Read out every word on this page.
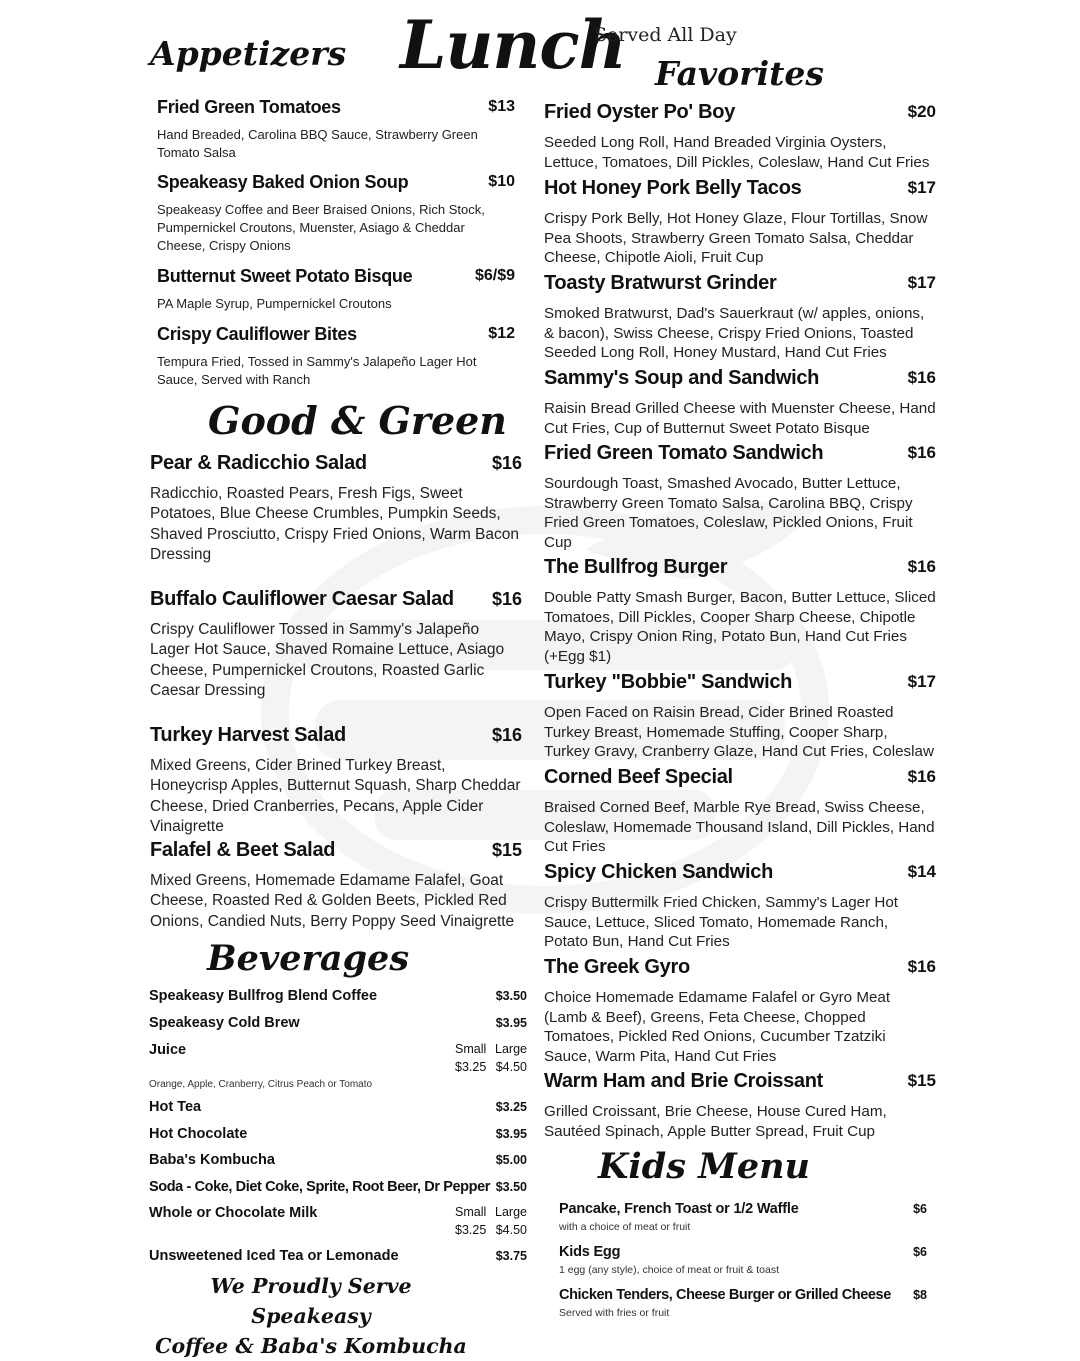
Lunch
Served All Day
Appetizers
Favorites
Good & Green
Beverages
Kids Menu
Fried Green Tomatoes	$13
Hand Breaded, Carolina BBQ Sauce, Strawberry Green Tomato Salsa
Speakeasy Baked Onion Soup	$10
Speakeasy Coffee and Beer Braised Onions, Rich Stock, Pumpernickel Croutons, Muenster, Asiago & Cheddar Cheese, Crispy Onions
Butternut Sweet Potato Bisque	$6/$9
PA Maple Syrup, Pumpernickel Croutons
Crispy Cauliflower Bites	$12
Tempura Fried, Tossed in Sammy's Jalapeño Lager Hot Sauce, Served with Ranch
Pear & Radicchio Salad	$16
Radicchio, Roasted Pears, Fresh Figs, Sweet Potatoes, Blue Cheese Crumbles, Pumpkin Seeds, Shaved Prosciutto, Crispy Fried Onions, Warm Bacon Dressing
Buffalo Cauliflower Caesar Salad	$16
Crispy Cauliflower Tossed in Sammy's Jalapeño Lager Hot Sauce, Shaved Romaine Lettuce, Asiago Cheese, Pumpernickel Croutons, Roasted Garlic Caesar Dressing
Turkey Harvest Salad	$16
Mixed Greens, Cider Brined Turkey Breast, Honeycrisp Apples, Butternut Squash, Sharp Cheddar Cheese, Dried Cranberries, Pecans, Apple Cider Vinaigrette
Falafel & Beet Salad	$15
Mixed Greens, Homemade Edamame Falafel, Goat Cheese, Roasted Red & Golden Beets, Pickled Red Onions, Candied Nuts, Berry Poppy Seed Vinaigrette
Fried Oyster Po' Boy	$20
Seeded Long Roll, Hand Breaded Virginia Oysters, Lettuce, Tomatoes, Dill Pickles, Coleslaw, Hand Cut Fries
Hot Honey Pork Belly Tacos	$17
Crispy Pork Belly, Hot Honey Glaze, Flour Tortillas, Snow Pea Shoots, Strawberry Green Tomato Salsa, Cheddar Cheese, Chipotle Aioli, Fruit Cup
Toasty Bratwurst Grinder	$17
Smoked Bratwurst, Dad's Sauerkraut (w/ apples, onions, & bacon), Swiss Cheese, Crispy Fried Onions, Toasted Seeded Long Roll, Honey Mustard, Hand Cut Fries
Sammy's Soup and Sandwich	$16
Raisin Bread Grilled Cheese with Muenster Cheese, Hand Cut Fries, Cup of Butternut Sweet Potato Bisque
Fried Green Tomato Sandwich	$16
Sourdough Toast, Smashed Avocado, Butter Lettuce, Strawberry Green Tomato Salsa, Carolina BBQ, Crispy Fried Green Tomatoes, Coleslaw, Pickled Onions, Fruit Cup
The Bullfrog Burger	$16
Double Patty Smash Burger, Bacon, Butter Lettuce, Sliced Tomatoes, Dill Pickles, Cooper Sharp Cheese, Chipotle Mayo, Crispy Onion Ring, Potato Bun, Hand Cut Fries (+Egg $1)
Turkey "Bobbie" Sandwich	$17
Open Faced on Raisin Bread, Cider Brined Roasted Turkey Breast, Homemade Stuffing, Cooper Sharp, Turkey Gravy, Cranberry Glaze, Hand Cut Fries, Coleslaw
Corned Beef Special	$16
Braised Corned Beef, Marble Rye Bread, Swiss Cheese, Coleslaw, Homemade Thousand Island, Dill Pickles, Hand Cut Fries
Spicy Chicken Sandwich	$14
Crispy Buttermilk Fried Chicken, Sammy's Lager Hot Sauce, Lettuce, Sliced Tomato, Homemade Ranch, Potato Bun, Hand Cut Fries
The Greek Gyro	$16
Choice Homemade Edamame Falafel or Gyro Meat (Lamb & Beef), Greens, Feta Cheese, Chopped Tomatoes, Pickled Red Onions, Cucumber Tzatziki Sauce, Warm Pita, Hand Cut Fries
Warm Ham and Brie Croissant	$15
Grilled Croissant, Brie Cheese, House Cured Ham, Sautéed Spinach, Apple Butter Spread, Fruit Cup
Speakeasy Bullfrog Blend Coffee	$3.50
Speakeasy Cold Brew	$3.95
Juice	Small Large
$3.25 $4.50
Orange, Apple, Cranberry, Citrus Peach or Tomato
Hot Tea	$3.25
Hot Chocolate	$3.95
Baba's Kombucha	$5.00
Soda - Coke, Diet Coke, Sprite, Root Beer, Dr Pepper $3.50
Whole or Chocolate Milk	Small Large
$3.25 $4.50
Unsweetened Iced Tea or Lemonade	$3.75
Pancake, French Toast or 1/2 Waffle	$6
with a choice of meat or fruit
Kids Egg	$6
1 egg (any style), choice of meat or fruit & toast
Chicken Tenders, Cheese Burger or Grilled Cheese	$8
Served with fries or fruit
We Proudly Serve Speakeasy
Coffee & Baba's Kombucha
